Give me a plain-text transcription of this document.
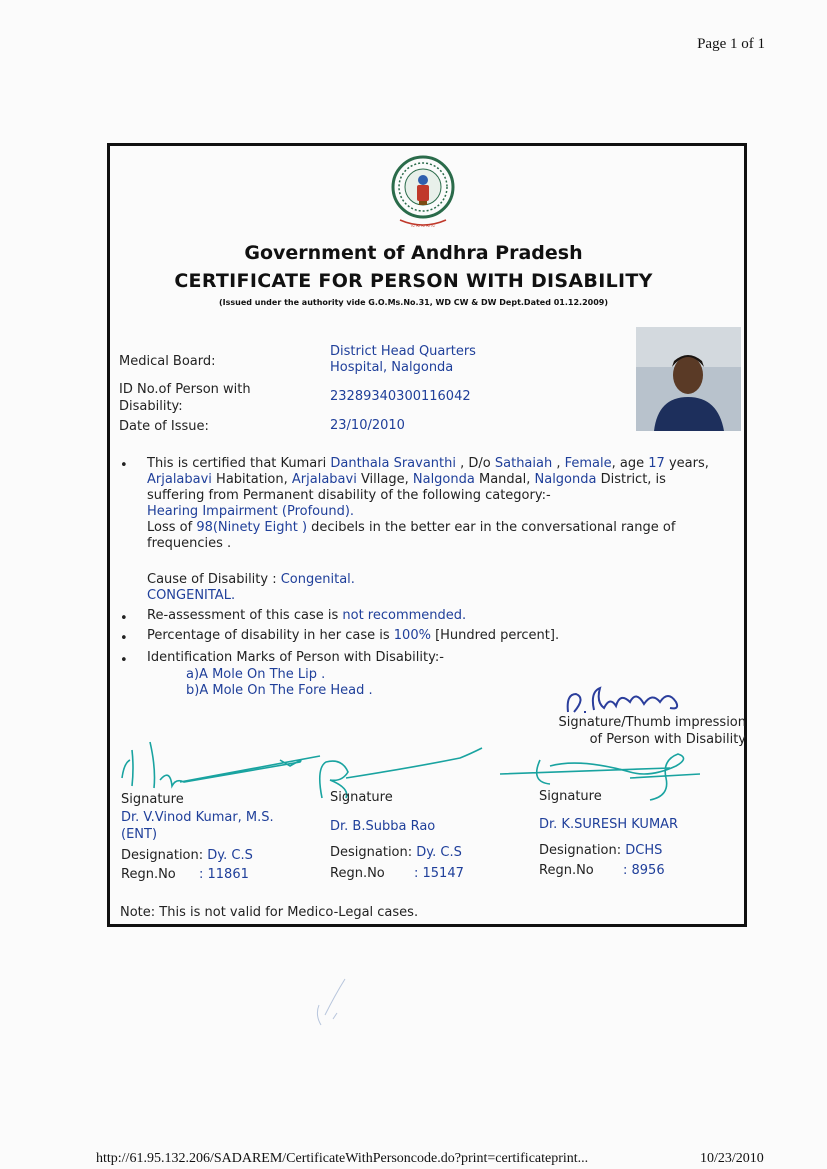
Page 1 of 1
~~~~~
Government of Andhra Pradesh
CERTIFICATE FOR PERSON WITH DISABILITY
(Issued under the authority vide G.O.Ms.No.31, WD CW & DW Dept.Dated 01.12.2009)
Medical Board:
District Head Quarters
Hospital, Nalgonda
ID No.of Person with
Disability:
23289340300116042
Date of Issue:	23/10/2010
• This is certified that Kumari Danthala Sravanthi , D/o Sathaiah , Female, age 17 years,
Arjalabavi Habitation, Arjalabavi Village, Nalgonda Mandal, Nalgonda District, is
suffering from Permanent disability of the following category:-
Hearing Impairment (Profound).
Loss of 98(Ninety Eight ) decibels in the better ear in the conversational range of
frequencies .
Cause of Disability : Congenital.
CONGENITAL.
• Re-assessment of this case is not recommended.
• Percentage of disability in her case is 100% [Hundred percent].
• Identification Marks of Person with Disability:-
a)A Mole On The Lip .
b)A Mole On The Fore Head .
Signature/Thumb impression
of Person with Disability
Signature
Dr. V.Vinod Kumar, M.S.
(ENT)
Designation: Dy. C.S
Regn.No : 11861
Signature
Dr. B.Subba Rao
Designation: Dy. C.S
Regn.No : 15147
Signature
Dr. K.SURESH KUMAR
Designation: DCHS
Regn.No : 8956
Note: This is not valid for Medico-Legal cases.
http://61.95.132.206/SADAREM/CertificateWithPersoncode.do?print=certificateprint...	10/23/2010
